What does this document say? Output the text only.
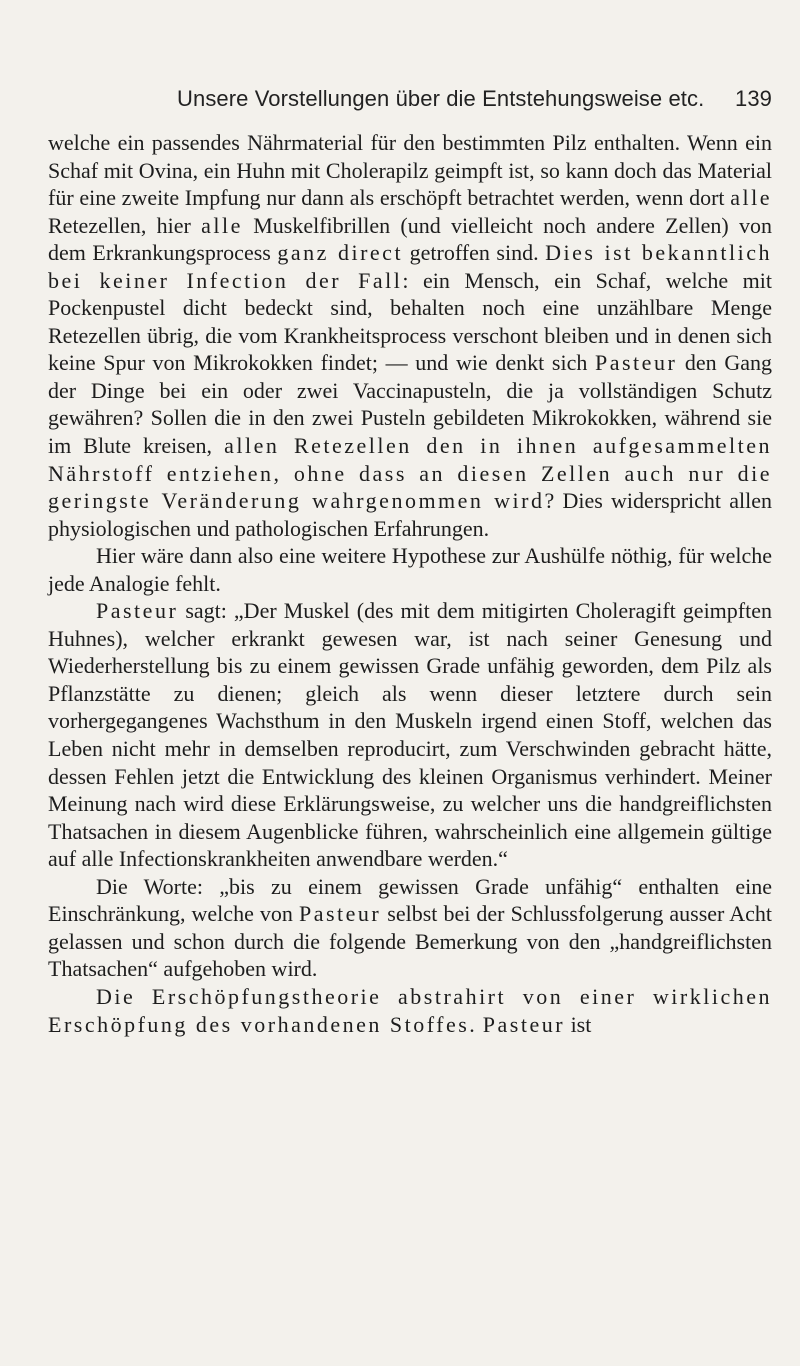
Unsere Vorstellungen über die Entstehungsweise etc. 139

welche ein passendes Nährmaterial für den bestimmten Pilz enthalten. Wenn ein Schaf mit Ovina, ein Huhn mit Cholerapilz geimpft ist, so kann doch das Material für eine zweite Impfung nur dann als erschöpft betrachtet werden, wenn dort alle Retezellen, hier alle Muskelfibrillen (und vielleicht noch andere Zellen) von dem Erkrankungsprocess ganz direct getroffen sind. Dies ist bekanntlich bei keiner Infection der Fall: ein Mensch, ein Schaf, welche mit Pockenpustel dicht bedeckt sind, behalten noch eine unzählbare Menge Retezellen übrig, die vom Krankheitsprocess verschont bleiben und in denen sich keine Spur von Mikrokokken findet; — und wie denkt sich Pasteur den Gang der Dinge bei ein oder zwei Vaccinapusteln, die ja vollständigen Schutz gewähren? Sollen die in den zwei Pusteln gebildeten Mikrokokken, während sie im Blute kreisen, allen Retezellen den in ihnen aufgesammelten Nährstoff entziehen, ohne dass an diesen Zellen auch nur die geringste Veränderung wahrgenommen wird? Dies widerspricht allen physiologischen und pathologischen Erfahrungen.

Hier wäre dann also eine weitere Hypothese zur Aushülfe nöthig, für welche jede Analogie fehlt.

Pasteur sagt: „Der Muskel (des mit dem mitigirten Choleragift geimpften Huhnes), welcher erkrankt gewesen war, ist nach seiner Genesung und Wiederherstellung bis zu einem gewissen Grade unfähig geworden, dem Pilz als Pflanzstätte zu dienen; gleich als wenn dieser letztere durch sein vorhergegangenes Wachsthum in den Muskeln irgend einen Stoff, welchen das Leben nicht mehr in demselben reproducirt, zum Verschwinden gebracht hätte, dessen Fehlen jetzt die Entwicklung des kleinen Organismus verhindert. Meiner Meinung nach wird diese Erklärungsweise, zu welcher uns die handgreiflichsten Thatsachen in diesem Augenblicke führen, wahrscheinlich eine allgemein gültige auf alle Infectionskrankheiten anwendbare werden.“

Die Worte: „bis zu einem gewissen Grade unfähig“ enthalten eine Einschränkung, welche von Pasteur selbst bei der Schlussfolgerung ausser Acht gelassen und schon durch die folgende Bemerkung von den „handgreiflichsten Thatsachen“ aufgehoben wird.

Die Erschöpfungstheorie abstrahirt von einer wirklichen Erschöpfung des vorhandenen Stoffes. Pasteur ist
